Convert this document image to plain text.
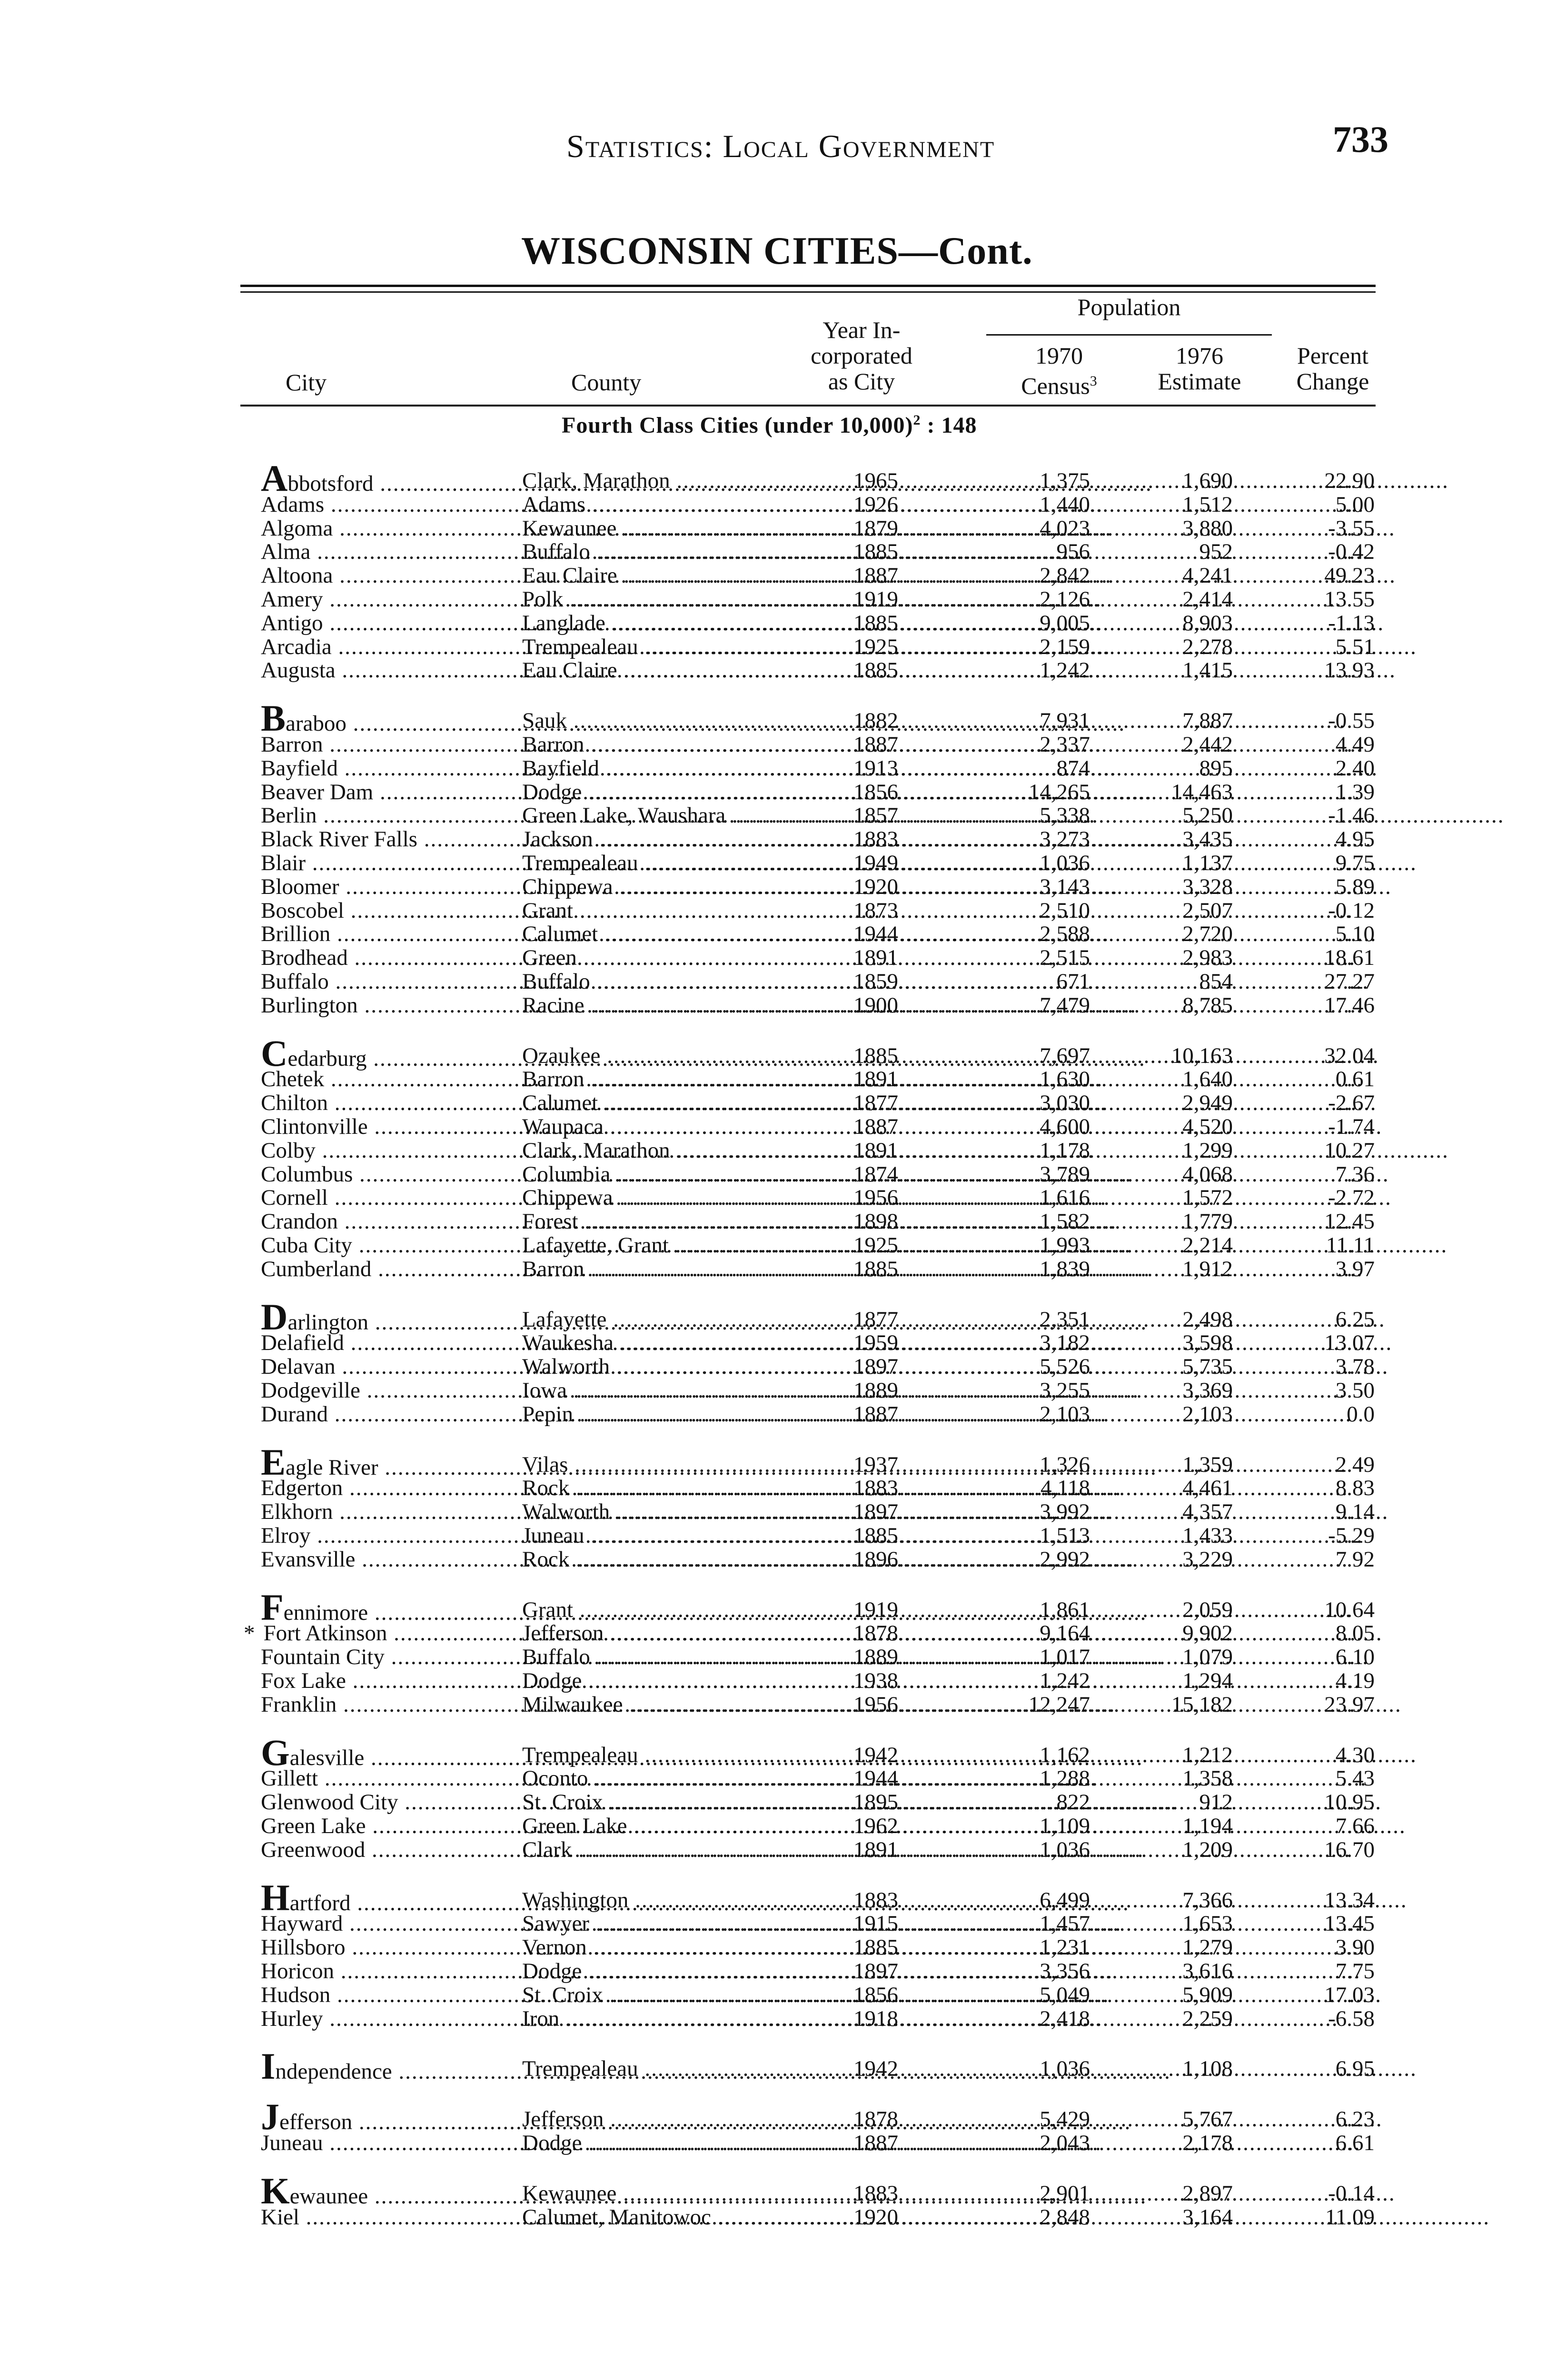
Statistics: Local Government	733
WISCONSIN CITIES—Cont.
City	County
Year In-
corporated
as City
Population
1970
Census$^3$
1976
Estimate
Percent
Change
Fourth Class Cities (under 10,000)$^2$ : 148
Abbotsford .....	Clark, Marathon .....	1965	1,375	1,690	22.90
Adams .....	Adams .....	1926	1,440	1,512	5.00
Algoma .....	Kewaunee .....	1879	4,023	3,880	-3.55
Alma .....	Buffalo .....	1885	956	952	-0.42
Altoona .....	Eau Claire .....	1887	2,842	4,241	49.23
Amery .....	Polk .....	1919	2,126	2,414	13.55
Antigo .....	Langlade .....	1885	9,005	8,903	-1.13
Arcadia .....	Trempealeau .....	1925	2,159	2,278	5.51
Augusta .....	Eau Claire .....	1885	1,242	1,415	13.93
Baraboo .....	Sauk .....	1882	7,931	7,887	-0.55
Barron .....	Barron .....	1887	2,337	2,442	4.49
Bayfield .....	Bayfield .....	1913	874	895	2.40
Beaver Dam .....	Dodge .....	1856	14,265	14,463	1.39
Berlin .....	Green Lake, Waushara .....	1857	5,338	5,250	-1.46
Black River Falls .....	Jackson .....	1883	3,273	3,435	4.95
Blair .....	Trempealeau .....	1949	1,036	1,137	9.75
Bloomer .....	Chippewa .....	1920	3,143	3,328	5.89
Boscobel .....	Grant .....	1873	2,510	2,507	-0.12
Brillion .....	Calumet .....	1944	2,588	2,720	5.10
Brodhead .....	Green .....	1891	2,515	2,983	18.61
Buffalo .....	Buffalo .....	1859	671	854	27.27
Burlington .....	Racine .....	1900	7,479	8,785	17.46
Cedarburg .....	Ozaukee .....	1885	7,697	10,163	32.04
Chetek .....	Barron .....	1891	1,630	1,640	0.61
Chilton .....	Calumet .....	1877	3,030	2,949	-2.67
Clintonville .....	Waupaca .....	1887	4,600	4,520	-1.74
Colby .....	Clark, Marathon .....	1891	1,178	1,299	10.27
Columbus .....	Columbia .....	1874	3,789	4,068	7.36
Cornell .....	Chippewa .....	1956	1,616	1,572	-2.72
Crandon .....	Forest .....	1898	1,582	1,779	12.45
Cuba City .....	Lafayette, Grant .....	1925	1,993	2,214	11.11
Cumberland .....	Barron .....	1885	1,839	1,912	3.97
Darlington .....	Lafayette .....	1877	2,351	2,498	6.25
Delafield .....	Waukesha .....	1959	3,182	3,598	13.07
Delavan .....	Walworth .....	1897	5,526	5,735	3.78
Dodgeville .....	Iowa .....	1889	3,255	3,369	3.50
Durand .....	Pepin .....	1887	2,103	2,103	0.0
Eagle River .....	Vilas .....	1937	1,326	1,359	2.49
Edgerton .....	Rock .....	1883	4,118	4,461	8.83
Elkhorn .....	Walworth .....	1897	3,992	4,357	9.14
Elroy .....	Juneau .....	1885	1,513	1,433	-5.29
Evansville .....	Rock .....	1896	2,992	3,229	7.92
Fennimore .....	Grant .....	1919	1,861	2,059	10.64
* Fort Atkinson .....	Jefferson .....	1878	9,164	9,902	8.05
Fountain City .....	Buffalo .....	1889	1,017	1,079	6.10
Fox Lake .....	Dodge .....	1938	1,242	1,294	4.19
Franklin .....	Milwaukee .....	1956	12,247	15,182	23.97
Galesville .....	Trempealeau .....	1942	1,162	1,212	4.30
Gillett .....	Oconto .....	1944	1,288	1,358	5.43
Glenwood City .....	St. Croix .....	1895	822	912	10.95
Green Lake .....	Green Lake .....	1962	1,109	1,194	7.66
Greenwood .....	Clark .....	1891	1,036	1,209	16.70
Hartford .....	Washington .....	1883	6,499	7,366	13.34
Hayward .....	Sawyer .....	1915	1,457	1,653	13.45
Hillsboro .....	Vernon .....	1885	1,231	1,279	3.90
Horicon .....	Dodge .....	1897	3,356	3,616	7.75
Hudson .....	St. Croix .....	1856	5,049	5,909	17.03
Hurley .....	Iron .....	1918	2,418	2,259	-6.58
Independence .....	Trempealeau .....	1942	1,036	1,108	6.95
Jefferson .....	Jefferson .....	1878	5,429	5,767	6.23
Juneau .....	Dodge .....	1887	2,043	2,178	6.61
Kewaunee .....	Kewaunee .....	1883	2,901	2,897	-0.14
Kiel .....	Calumet, Manitowoc .....	1920	2,848	3,164	11.09
